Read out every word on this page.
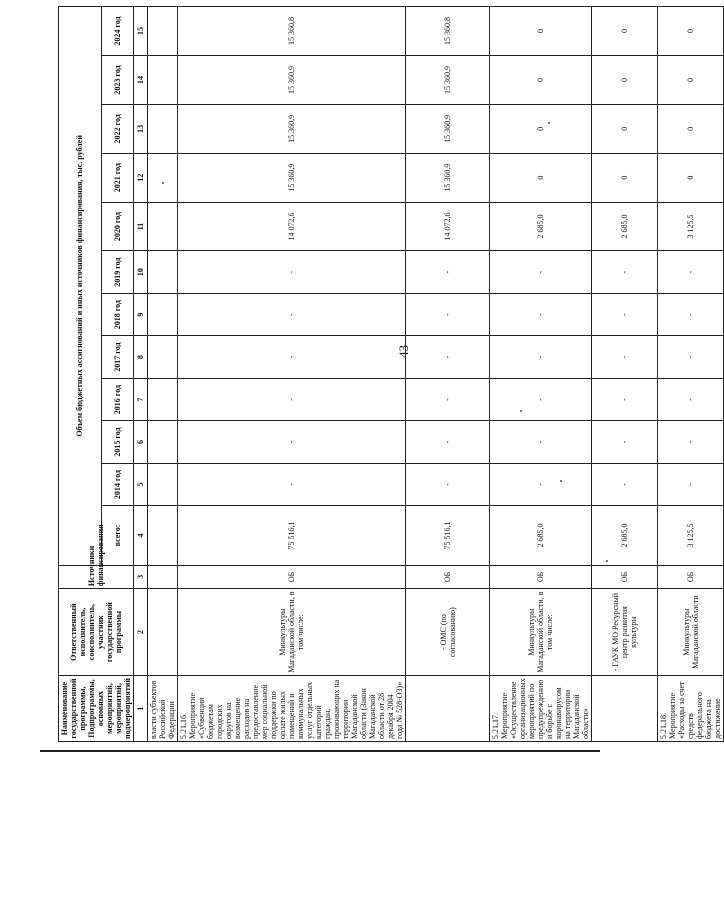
43
Наименование государственной программы, Подпрограммы, основных мероприятий, мероприятий, подмероприятий	Ответственный исполнитель, соисполнитель, участник государственной программы	Источники финансирования	Объем бюджетных ассигнований и иных источников финансирования, тыс. рублей											
			всего:	2014 год	2015 год	2016 год	2017 год	2018 год	2019 год	2020 год	2021 год	2022 год	2023 год	2024 год
1	2	3	4	5	6	7	8	9	10	11	12	13	14	15
власти субъектов Российской Федерации														
5.21.16. Мероприятие «Субвенции бюджетам городских округов на возмещение расходов на предоставление мер социальной поддержки по оплате жилых помещений и коммунальных услуг отдельных категорий граждан, проживающих на территории Магаданской области (Закон Магаданской области от 28 декабря 2004 года № 528-ОЗ)»	Минкультуры Магаданской области, в том числе:	ОБ	75 516,1	-	-	-	-	-	-	14 072,6	15 360,9	15 360,9	15 360,9	15 360,8
	- ОМС (по согласованию)	ОБ	75 516,1	-	-	-	-	-	-	14 072,6	15 360,9	15 360,9	15 360,9	15 360,8
5.21.17. Мероприятие «Осуществление организационных мероприятий по предупреждению и борьбе с коронавирусом на территории Магаданской области»	Минкультуры Магаданской области, в том числе:	ОБ	2 685,0	-	-	-	-	-	-	2 685,0	0	0	0	0
	- ГАУК МО Ресурсный центр развития культуры	ОБ	2 685,0	-	-	-	-	-	-	2 685,0	0	0	0	0
5.21.18. Мероприятие «Расходы за счет средств федерального бюджета на достижение	Минкультуры Магаданской области	ОБ	3 125,5	-	-	-	-	-	-	3 125,5	0	0	0	0
